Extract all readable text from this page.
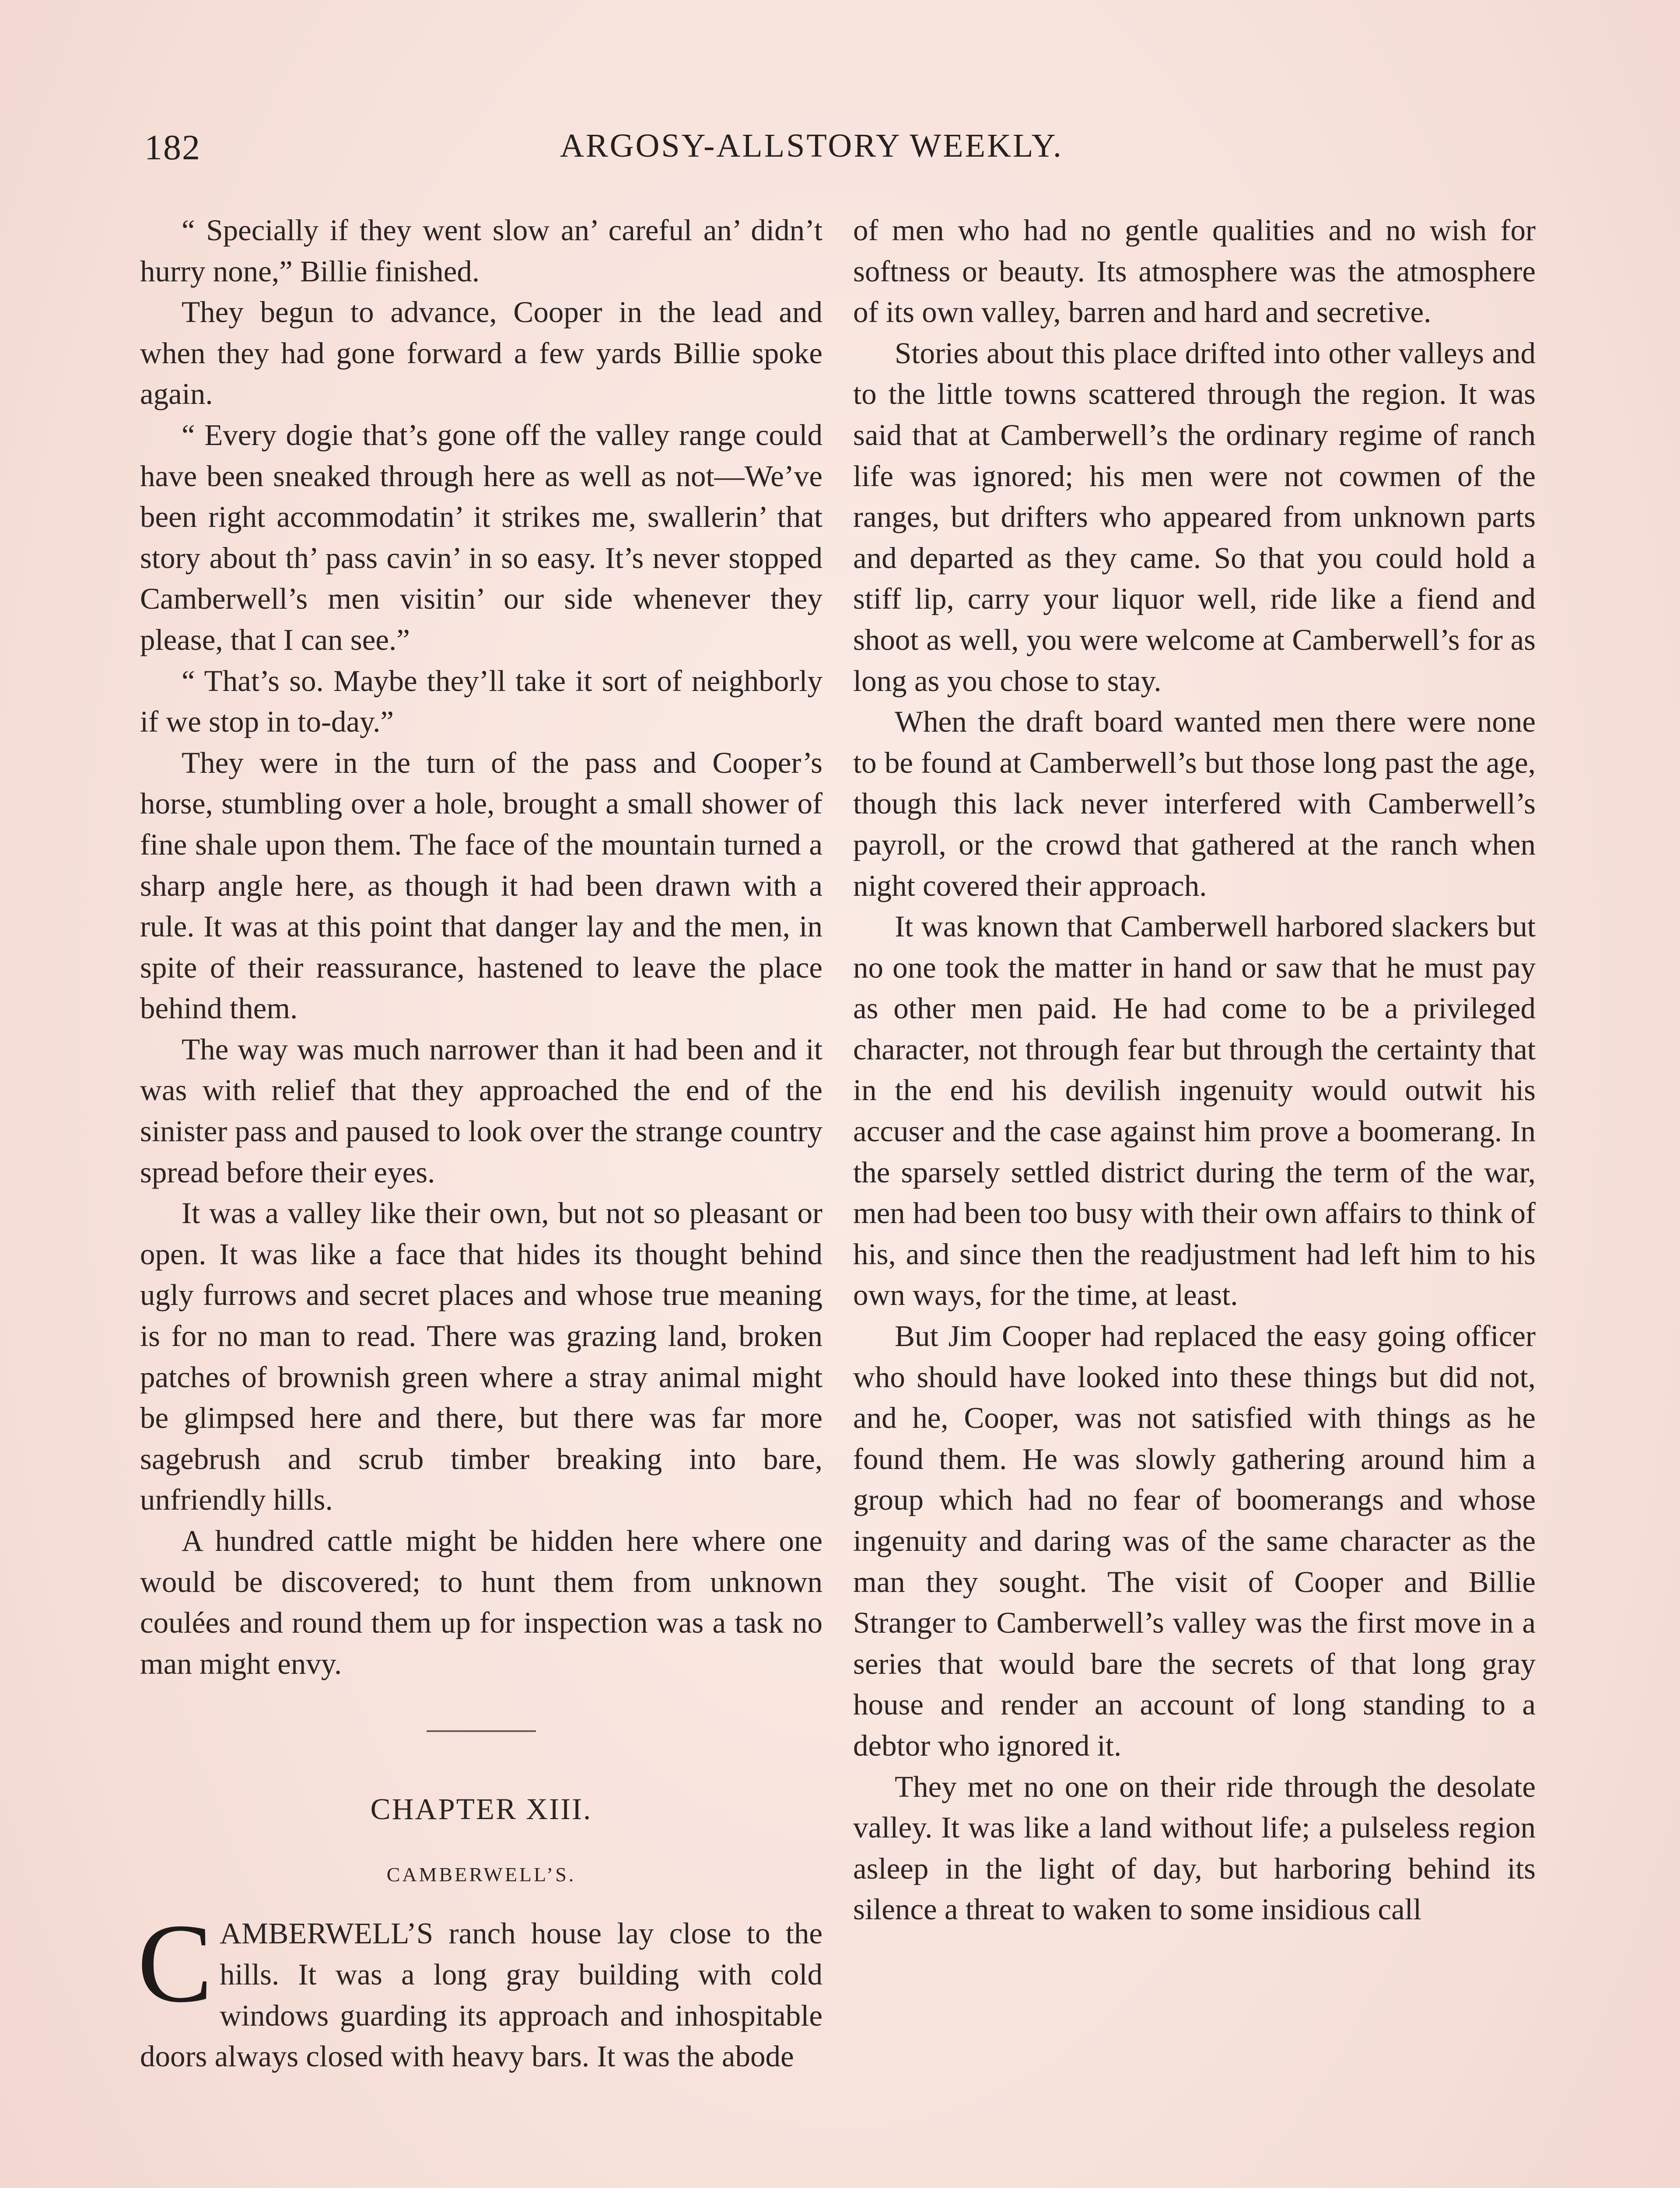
182	ARGOSY-ALLSTORY WEEKLY.

“ Specially if they went slow an’ careful an’ didn’t hurry none,” Billie finished.

They begun to advance, Cooper in the lead and when they had gone forward a few yards Billie spoke again.

“ Every dogie that’s gone off the valley range could have been sneaked through here as well as not—We’ve been right accommodatin’ it strikes me, swallerin’ that story about th’ pass cavin’ in so easy. It’s never stopped Camberwell’s men visitin’ our side whenever they please, that I can see.”

“ That’s so. Maybe they’ll take it sort of neighborly if we stop in to-day.”

They were in the turn of the pass and Cooper’s horse, stumbling over a hole, brought a small shower of fine shale upon them. The face of the mountain turned a sharp angle here, as though it had been drawn with a rule. It was at this point that danger lay and the men, in spite of their reassurance, hastened to leave the place behind them.

The way was much narrower than it had been and it was with relief that they approached the end of the sinister pass and paused to look over the strange country spread before their eyes.

It was a valley like their own, but not so pleasant or open. It was like a face that hides its thought behind ugly furrows and secret places and whose true meaning is for no man to read. There was grazing land, broken patches of brownish green where a stray animal might be glimpsed here and there, but there was far more sagebrush and scrub timber breaking into bare, unfriendly hills.

A hundred cattle might be hidden here where one would be discovered; to hunt them from unknown coulées and round them up for inspection was a task no man might envy.

CHAPTER XIII.
CAMBERWELL’S.

CAMBERWELL’S ranch house lay close to the hills. It was a long gray building with cold windows guarding its approach and inhospitable doors always closed with heavy bars. It was the abode

of men who had no gentle qualities and no wish for softness or beauty. Its atmosphere was the atmosphere of its own valley, barren and hard and secretive.

Stories about this place drifted into other valleys and to the little towns scattered through the region. It was said that at Camberwell’s the ordinary regime of ranch life was ignored; his men were not cowmen of the ranges, but drifters who appeared from unknown parts and departed as they came. So that you could hold a stiff lip, carry your liquor well, ride like a fiend and shoot as well, you were welcome at Camberwell’s for as long as you chose to stay.

When the draft board wanted men there were none to be found at Camberwell’s but those long past the age, though this lack never interfered with Camberwell’s payroll, or the crowd that gathered at the ranch when night covered their approach.

It was known that Camberwell harbored slackers but no one took the matter in hand or saw that he must pay as other men paid. He had come to be a privileged character, not through fear but through the certainty that in the end his devilish ingenuity would outwit his accuser and the case against him prove a boomerang. In the sparsely settled district during the term of the war, men had been too busy with their own affairs to think of his, and since then the readjustment had left him to his own ways, for the time, at least.

But Jim Cooper had replaced the easy going officer who should have looked into these things but did not, and he, Cooper, was not satisfied with things as he found them. He was slowly gathering around him a group which had no fear of boomerangs and whose ingenuity and daring was of the same character as the man they sought. The visit of Cooper and Billie Stranger to Camberwell’s valley was the first move in a series that would bare the secrets of that long gray house and render an account of long standing to a debtor who ignored it.

They met no one on their ride through the desolate valley. It was like a land without life; a pulseless region asleep in the light of day, but harboring behind its silence a threat to waken to some insidious call
